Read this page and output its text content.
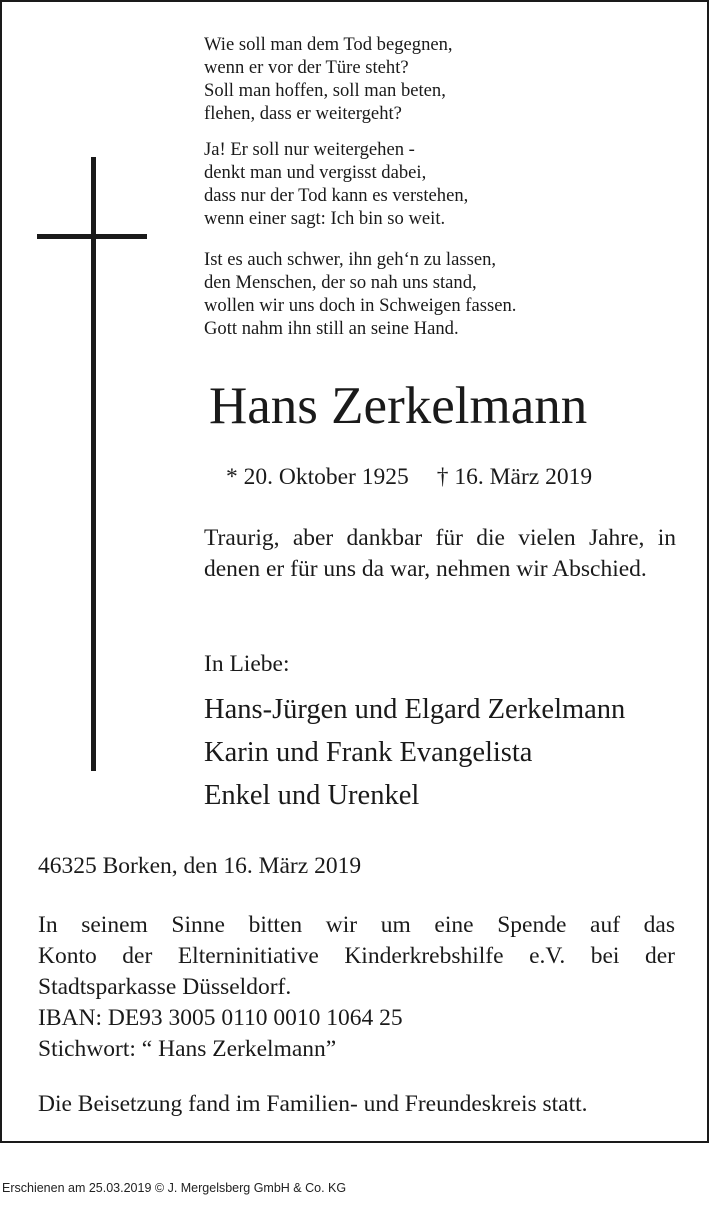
Wie soll man dem Tod begegnen,
wenn er vor der Türe steht?
Soll man hoffen, soll man beten,
flehen, dass er weitergeht?
Ja! Er soll nur weitergehen -
denkt man und vergisst dabei,
dass nur der Tod kann es verstehen,
wenn einer sagt: Ich bin so weit.
Ist es auch schwer, ihn geh‘n zu lassen,
den Menschen, der so nah uns stand,
wollen wir uns doch in Schweigen fassen.
Gott nahm ihn still an seine Hand.
Hans Zerkelmann
* 20. Oktober 1925 † 16. März 2019
Traurig, aber dankbar für die vielen Jahre, in denen er für uns da war, nehmen wir Abschied.
In Liebe:
Hans-Jürgen und Elgard Zerkelmann
Karin und Frank Evangelista
Enkel und Urenkel
46325 Borken, den 16. März 2019
In seinem Sinne bitten wir um eine Spende auf das
Konto der Elterninitiative Kinderkrebshilfe e.V. bei der
Stadtsparkasse Düsseldorf.
IBAN: DE93 3005 0110 0010 1064 25
Stichwort: “ Hans Zerkelmann”
Die Beisetzung fand im Familien- und Freundeskreis statt.
Erschienen am 25.03.2019 © J. Mergelsberg GmbH & Co. KG
